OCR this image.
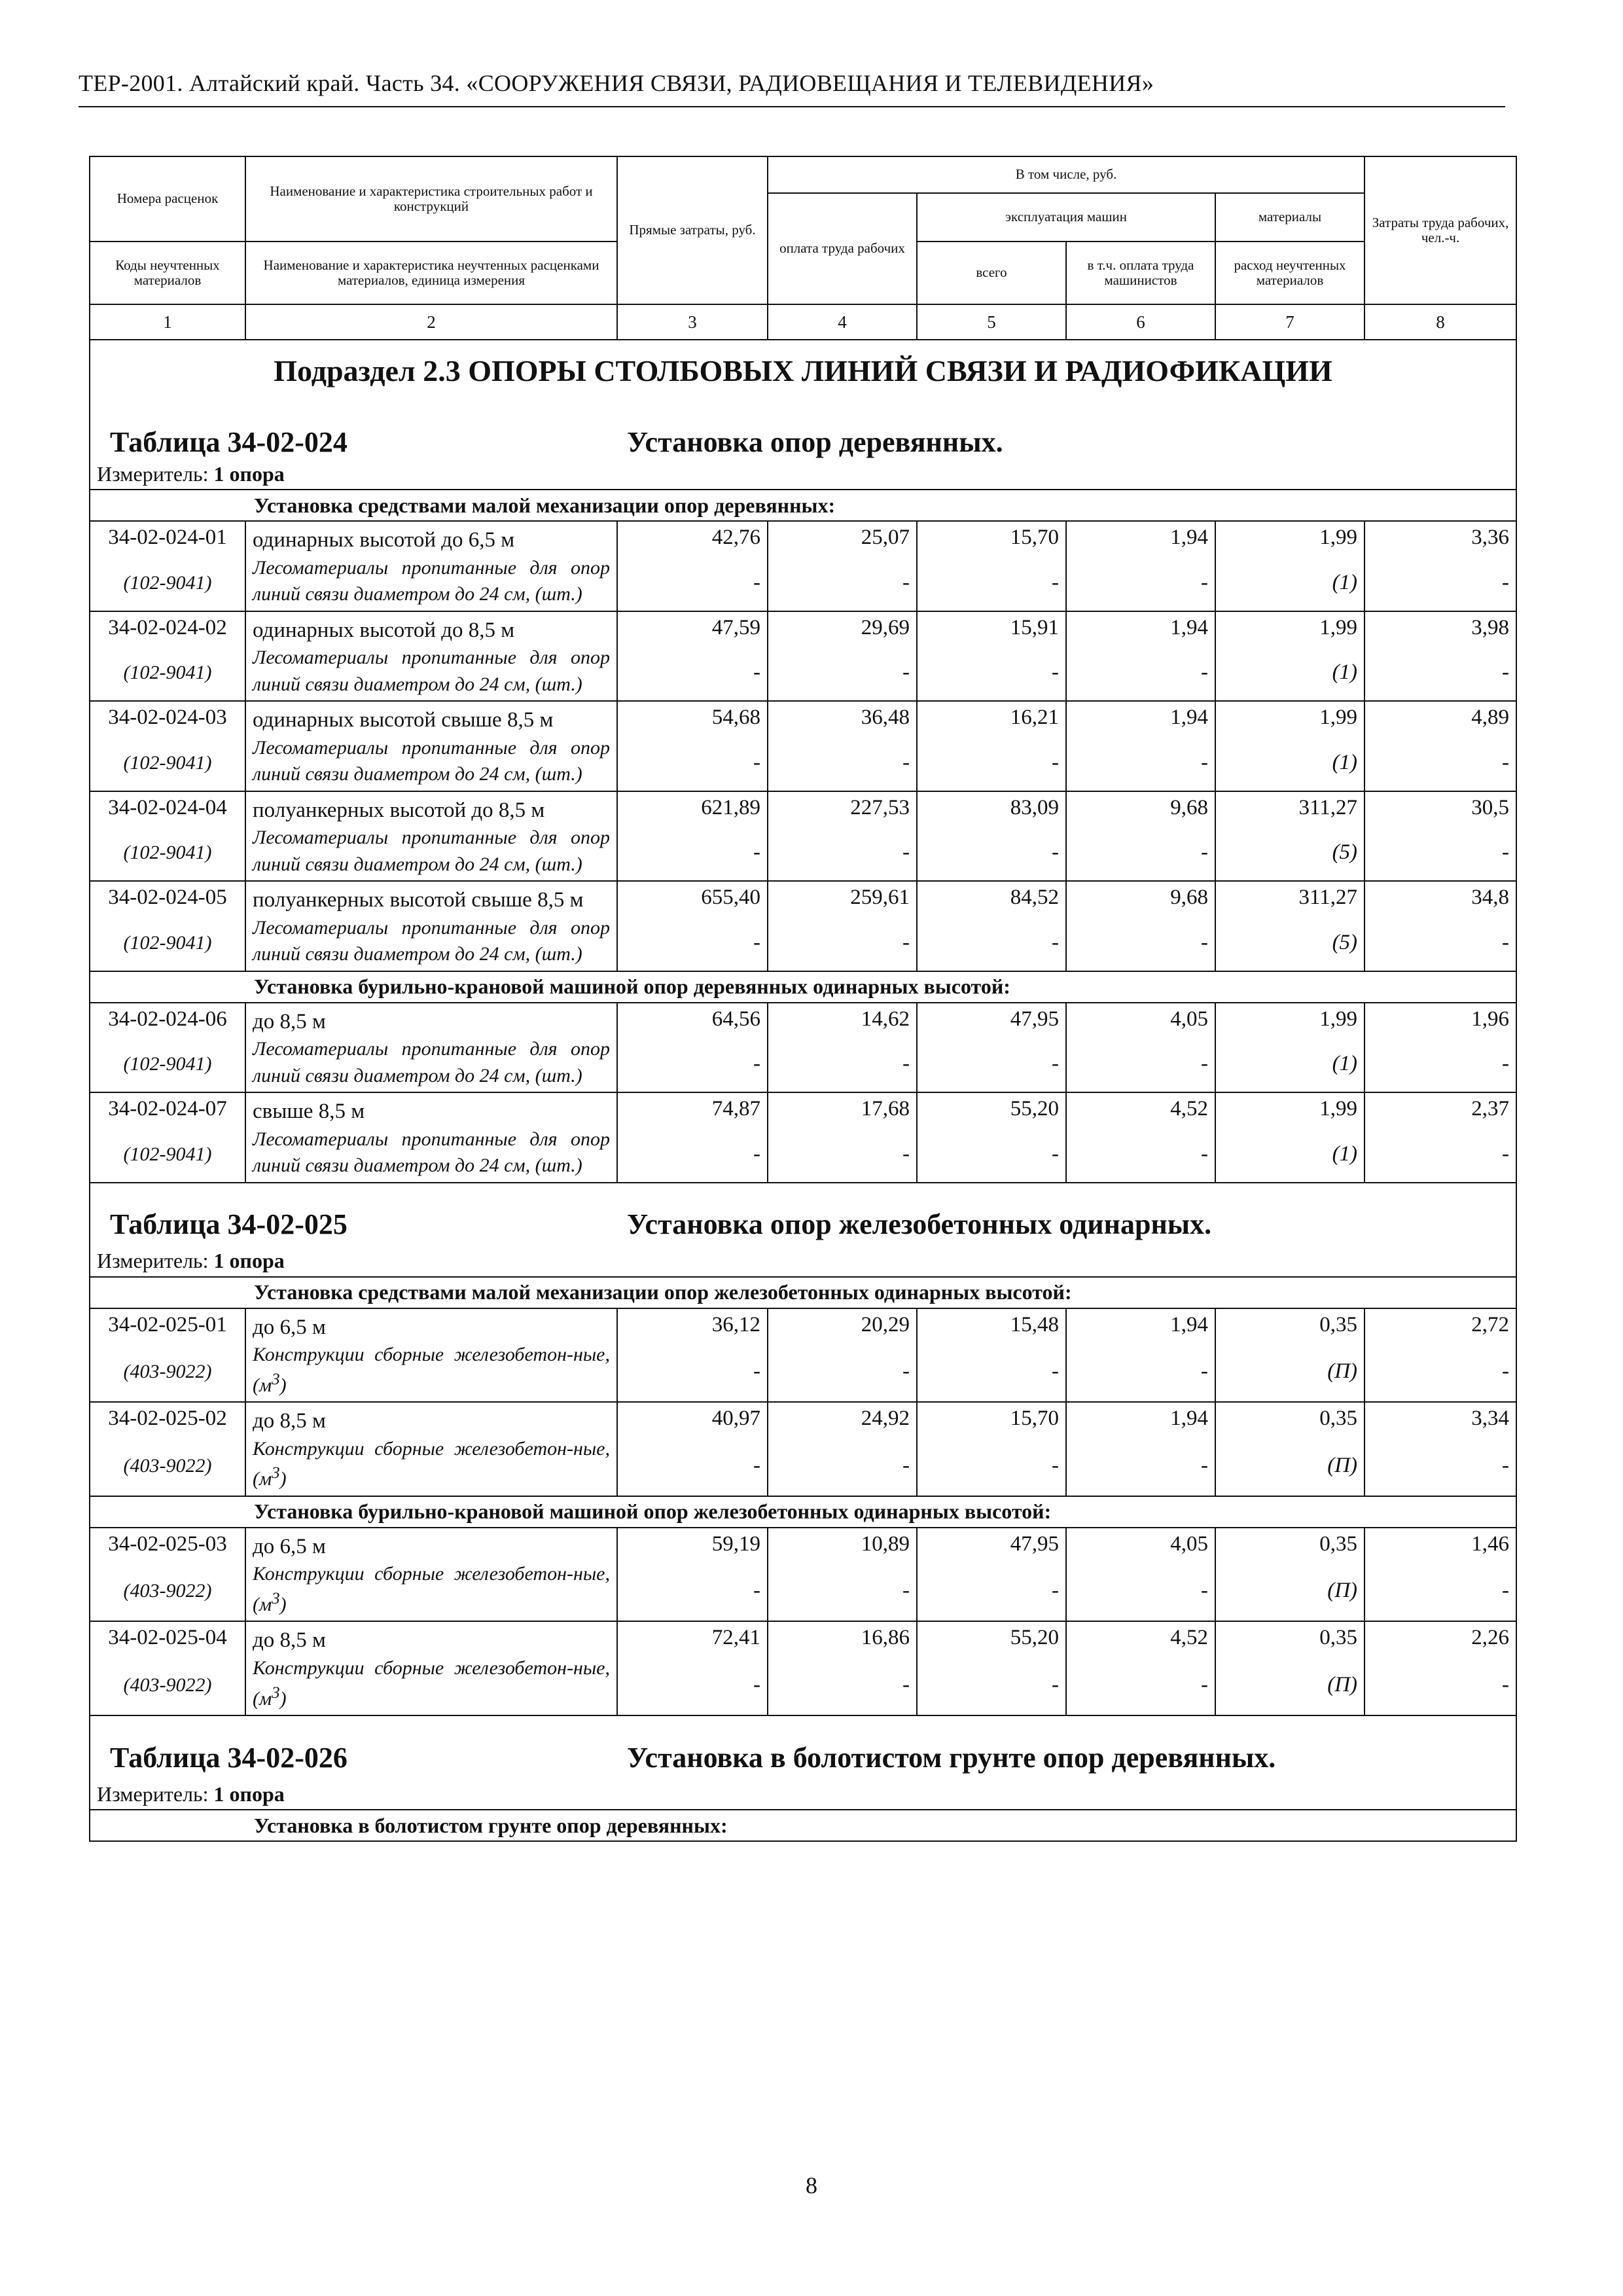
ТЕР-2001. Алтайский край. Часть 34. «СООРУЖЕНИЯ СВЯЗИ, РАДИОВЕЩАНИЯ И ТЕЛЕВИДЕНИЯ»
Номера расценок	Наименование и характеристика строительных работ и конструкций	Прямые затраты, руб.	В том числе, руб.				Затраты труда рабочих, чел.-ч.
			оплата труда рабочих	эксплуатация машин		материалы	
Коды неучтенных материалов	Наименование и характеристика неучтенных расценками материалов, единица измерения			всего	в т.ч. оплата труда машинистов	расход неучтенных материалов	

1	2	3	4	5	6	7	8
Подраздел 2.3 ОПОРЫ СТОЛБОВЫХ ЛИНИЙ СВЯЗИ И РАДИОФИКАЦИИ							
Таблица 34-02-024 Установка опор деревянных.							
Измеритель: 1 опора							
Установка средствами малой механизации опор деревянных:							
34-02-024-01	одинарных высотой до 6,5 м	42,76	25,07	15,70	1,94	1,99	3,36
(102-9041)	Лесоматериалы пропитанные для опор линий связи диаметром до 24 см, (шт.)	-	-	-	-	(1)	-
34-02-024-02	одинарных высотой до 8,5 м	47,59	29,69	15,91	1,94	1,99	3,98
(102-9041)	Лесоматериалы пропитанные для опор линий связи диаметром до 24 см, (шт.)	-	-	-	-	(1)	-
34-02-024-03	одинарных высотой свыше 8,5 м	54,68	36,48	16,21	1,94	1,99	4,89
(102-9041)	Лесоматериалы пропитанные для опор линий связи диаметром до 24 см, (шт.)	-	-	-	-	(1)	-
34-02-024-04	полуанкерных высотой до 8,5 м	621,89	227,53	83,09	9,68	311,27	30,5
(102-9041)	Лесоматериалы пропитанные для опор линий связи диаметром до 24 см, (шт.)	-	-	-	-	(5)	-
34-02-024-05	полуанкерных высотой свыше 8,5 м	655,40	259,61	84,52	9,68	311,27	34,8
(102-9041)	Лесоматериалы пропитанные для опор линий связи диаметром до 24 см, (шт.)	-	-	-	-	(5)	-
Установка бурильно-крановой машиной опор деревянных одинарных высотой:							
34-02-024-06	до 8,5 м	64,56	14,62	47,95	4,05	1,99	1,96
(102-9041)	Лесоматериалы пропитанные для опор линий связи диаметром до 24 см, (шт.)	-	-	-	-	(1)	-
34-02-024-07	свыше 8,5 м	74,87	17,68	55,20	4,52	1,99	2,37
(102-9041)	Лесоматериалы пропитанные для опор линий связи диаметром до 24 см, (шт.)	-	-	-	-	(1)	-
Таблица 34-02-025 Установка опор железобетонных одинарных.							
Измеритель: 1 опора							
Установка средствами малой механизации опор железобетонных одинарных высотой:							
34-02-025-01	до 6,5 м	36,12	20,29	15,48	1,94	0,35	2,72
(403-9022)	Конструкции сборные железобетон-ные, $(м^3)$	-	-	-	-	(П)	-
34-02-025-02	до 8,5 м	40,97	24,92	15,70	1,94	0,35	3,34
(403-9022)	Конструкции сборные железобетон-ные, $(м^3)$	-	-	-	-	(П)	-
Установка бурильно-крановой машиной опор железобетонных одинарных высотой:							
34-02-025-03	до 6,5 м	59,19	10,89	47,95	4,05	0,35	1,46
(403-9022)	Конструкции сборные железобетон-ные, $(м^3)$	-	-	-	-	(П)	-
34-02-025-04	до 8,5 м	72,41	16,86	55,20	4,52	0,35	2,26
(403-9022)	Конструкции сборные железобетон-ные, $(м^3)$	-	-	-	-	(П)	-
Таблица 34-02-026 Установка в болотистом грунте опор деревянных.							
Измеритель: 1 опора							
Установка в болотистом грунте опор деревянных:							
8
